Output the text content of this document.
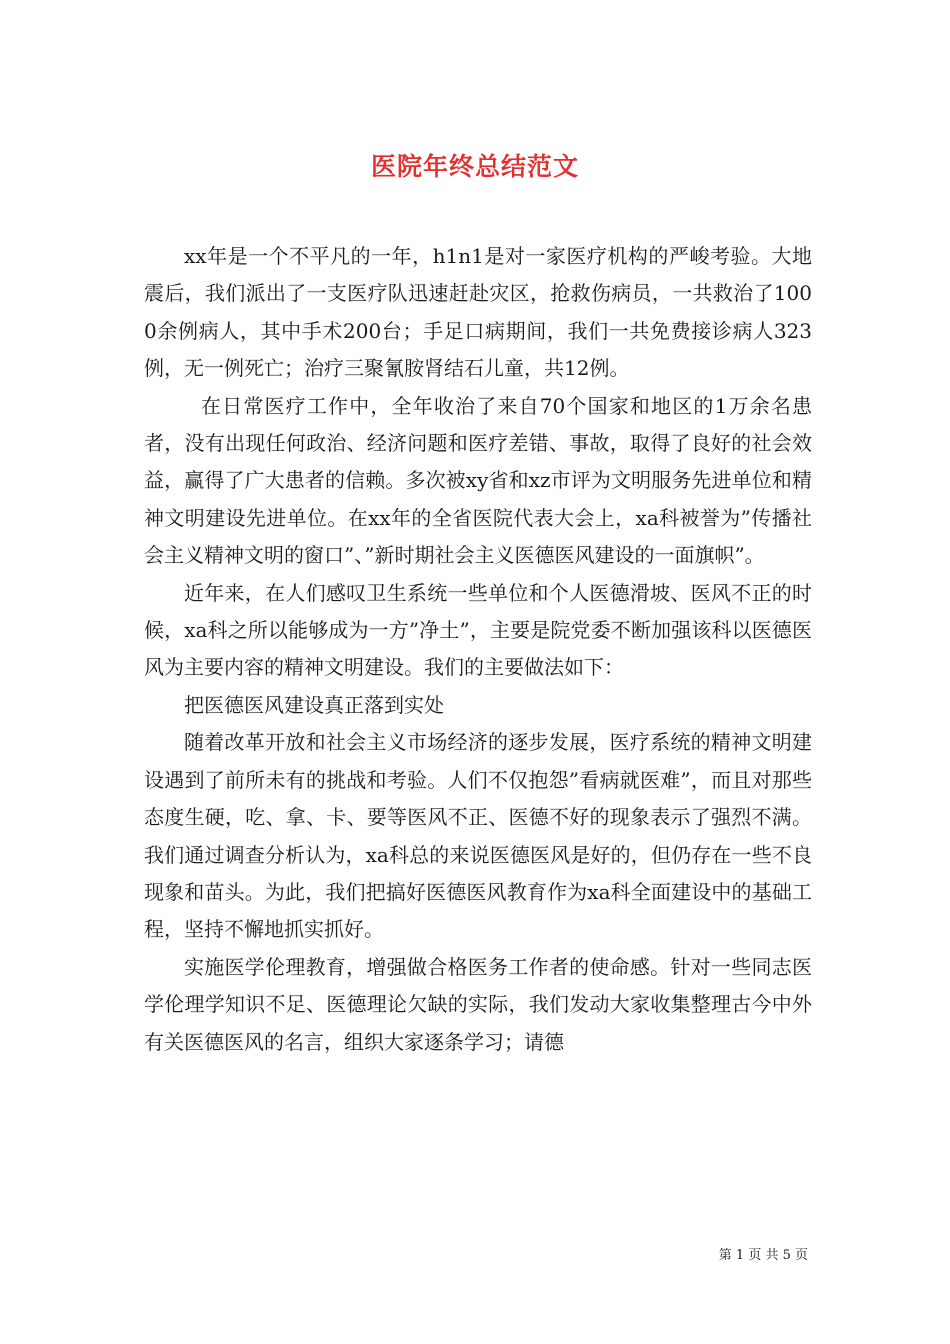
医院年终总结范文

xx年是一个不平凡的一年，h1n1是对一家医疗机构的严峻考验。大地震后，我们派出了一支医疗队迅速赶赴灾区，抢救伤病员，一共救治了1000余例病人，其中手术200台；手足口病期间，我们一共免费接诊病人323例，无一例死亡；治疗三聚氰胺肾结石儿童，共12例。

在日常医疗工作中，全年收治了来自70个国家和地区的1万余名患者，没有出现任何政治、经济问题和医疗差错、事故，取得了良好的社会效益，赢得了广大患者的信赖。多次被xy省和xz市评为文明服务先进单位和精神文明建设先进单位。在xx年的全省医院代表大会上，xa科被誉为”传播社会主义精神文明的窗口”、”新时期社会主义医德医风建设的一面旗帜”。

近年来，在人们感叹卫生系统一些单位和个人医德滑坡、医风不正的时候，xa科之所以能够成为一方”净土”，主要是院党委不断加强该科以医德医风为主要内容的精神文明建设。我们的主要做法如下：

把医德医风建设真正落到实处

随着改革开放和社会主义市场经济的逐步发展，医疗系统的精神文明建设遇到了前所未有的挑战和考验。人们不仅抱怨”看病就医难”，而且对那些态度生硬，吃、拿、卡、要等医风不正、医德不好的现象表示了强烈不满。我们通过调查分析认为，xa科总的来说医德医风是好的，但仍存在一些不良现象和苗头。为此，我们把搞好医德医风教育作为xa科全面建设中的基础工程，坚持不懈地抓实抓好。

实施医学伦理教育，增强做合格医务工作者的使命感。针对一些同志医学伦理学知识不足、医德理论欠缺的实际，我们发动大家收集整理古今中外有关医德医风的名言，组织大家逐条学习；请德

第 1 页 共 5 页
